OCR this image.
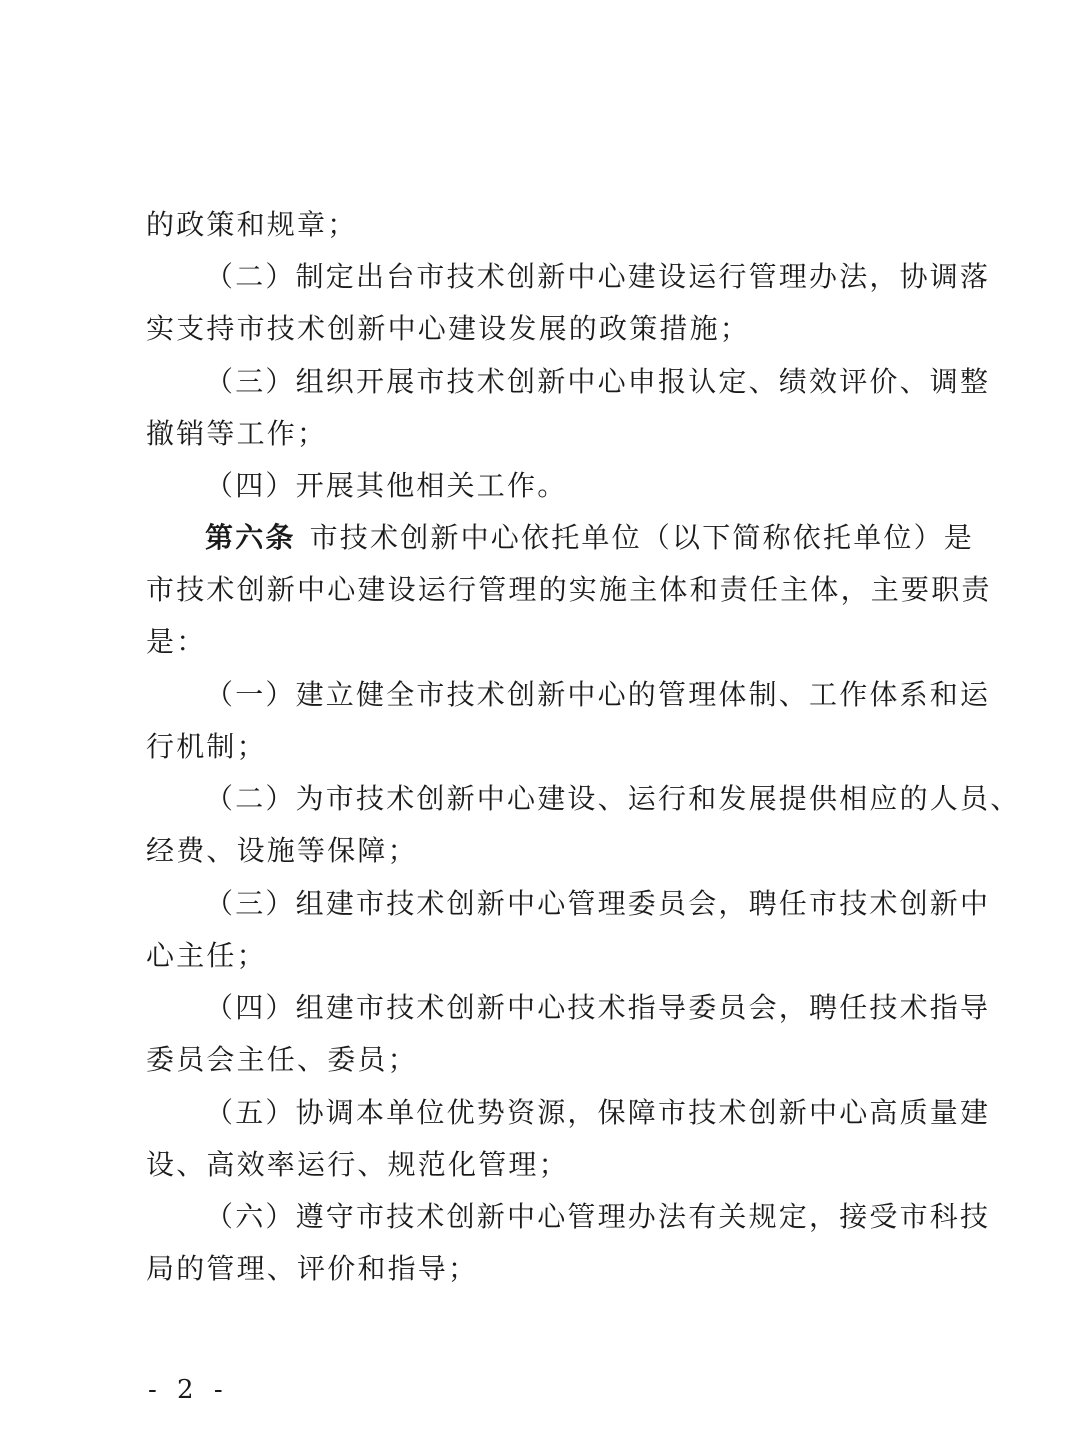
的政策和规章；
（二）制定出台市技术创新中心建设运行管理办法，协调落
实支持市技术创新中心建设发展的政策措施；
（三）组织开展市技术创新中心申报认定、绩效评价、调整
撤销等工作；
（四）开展其他相关工作。
第六条 市技术创新中心依托单位（以下简称依托单位）是
市技术创新中心建设运行管理的实施主体和责任主体，主要职责
是：
（一）建立健全市技术创新中心的管理体制、工作体系和运
行机制；
（二）为市技术创新中心建设、运行和发展提供相应的人员、
经费、设施等保障；
（三）组建市技术创新中心管理委员会，聘任市技术创新中
心主任；
（四）组建市技术创新中心技术指导委员会，聘任技术指导
委员会主任、委员；
（五）协调本单位优势资源，保障市技术创新中心高质量建
设、高效率运行、规范化管理；
（六）遵守市技术创新中心管理办法有关规定，接受市科技
局的管理、评价和指导；
- 2 -
